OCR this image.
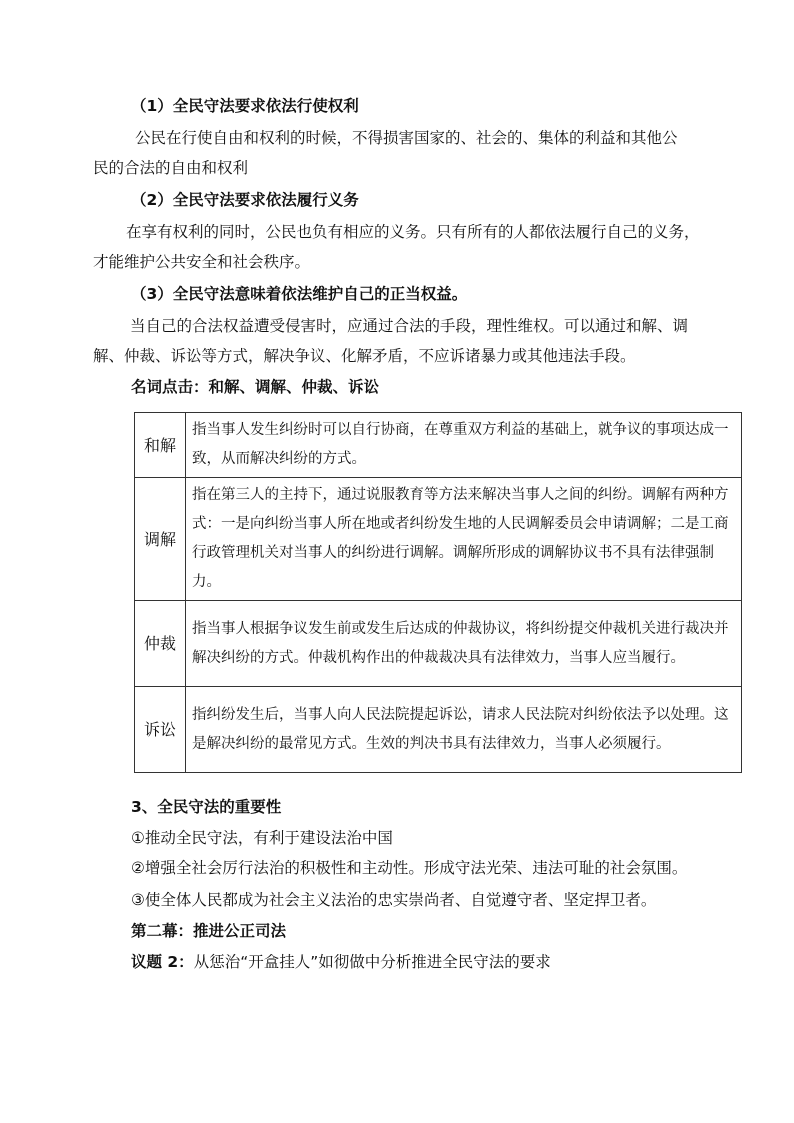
（1）全民守法要求依法行使权利
公民在行使自由和权利的时候，不得损害国家的、社会的、集体的利益和其他公
民的合法的自由和权利
（2）全民守法要求依法履行义务
在享有权利的同时，公民也负有相应的义务。只有所有的人都依法履行自己的义务，
才能维护公共安全和社会秩序。
（3）全民守法意味着依法维护自己的正当权益。
当自己的合法权益遭受侵害时，应通过合法的手段，理性维权。可以通过和解、调
解、仲裁、诉讼等方式，解决争议、化解矛盾，不应诉诸暴力或其他违法手段。
名词点击：和解、调解、仲裁、诉讼
和解	指当事人发生纠纷时可以自行协商，在尊重双方利益的基础上，就争议的事项达成一致，从而解决纠纷的方式。
调解	指在第三人的主持下，通过说服教育等方法来解决当事人之间的纠纷。调解有两种方式：一是向纠纷当事人所在地或者纠纷发生地的人民调解委员会申请调解；二是工商行政管理机关对当事人的纠纷进行调解。调解所形成的调解协议书不具有法律强制力。
仲裁	指当事人根据争议发生前或发生后达成的仲裁协议，将纠纷提交仲裁机关进行裁决并解决纠纷的方式。仲裁机构作出的仲裁裁决具有法律效力，当事人应当履行。
诉讼	指纠纷发生后，当事人向人民法院提起诉讼，请求人民法院对纠纷依法予以处理。这是解决纠纷的最常见方式。生效的判决书具有法律效力，当事人必须履行。
3、全民守法的重要性
①推动全民守法，有利于建设法治中国
②增强全社会厉行法治的积极性和主动性。形成守法光荣、违法可耻的社会氛围。
③使全体人民都成为社会主义法治的忠实崇尚者、自觉遵守者、坚定捍卫者。
第二幕：推进公正司法
议题 2：从惩治“开盒挂人”如彻做中分析推进全民守法的要求
